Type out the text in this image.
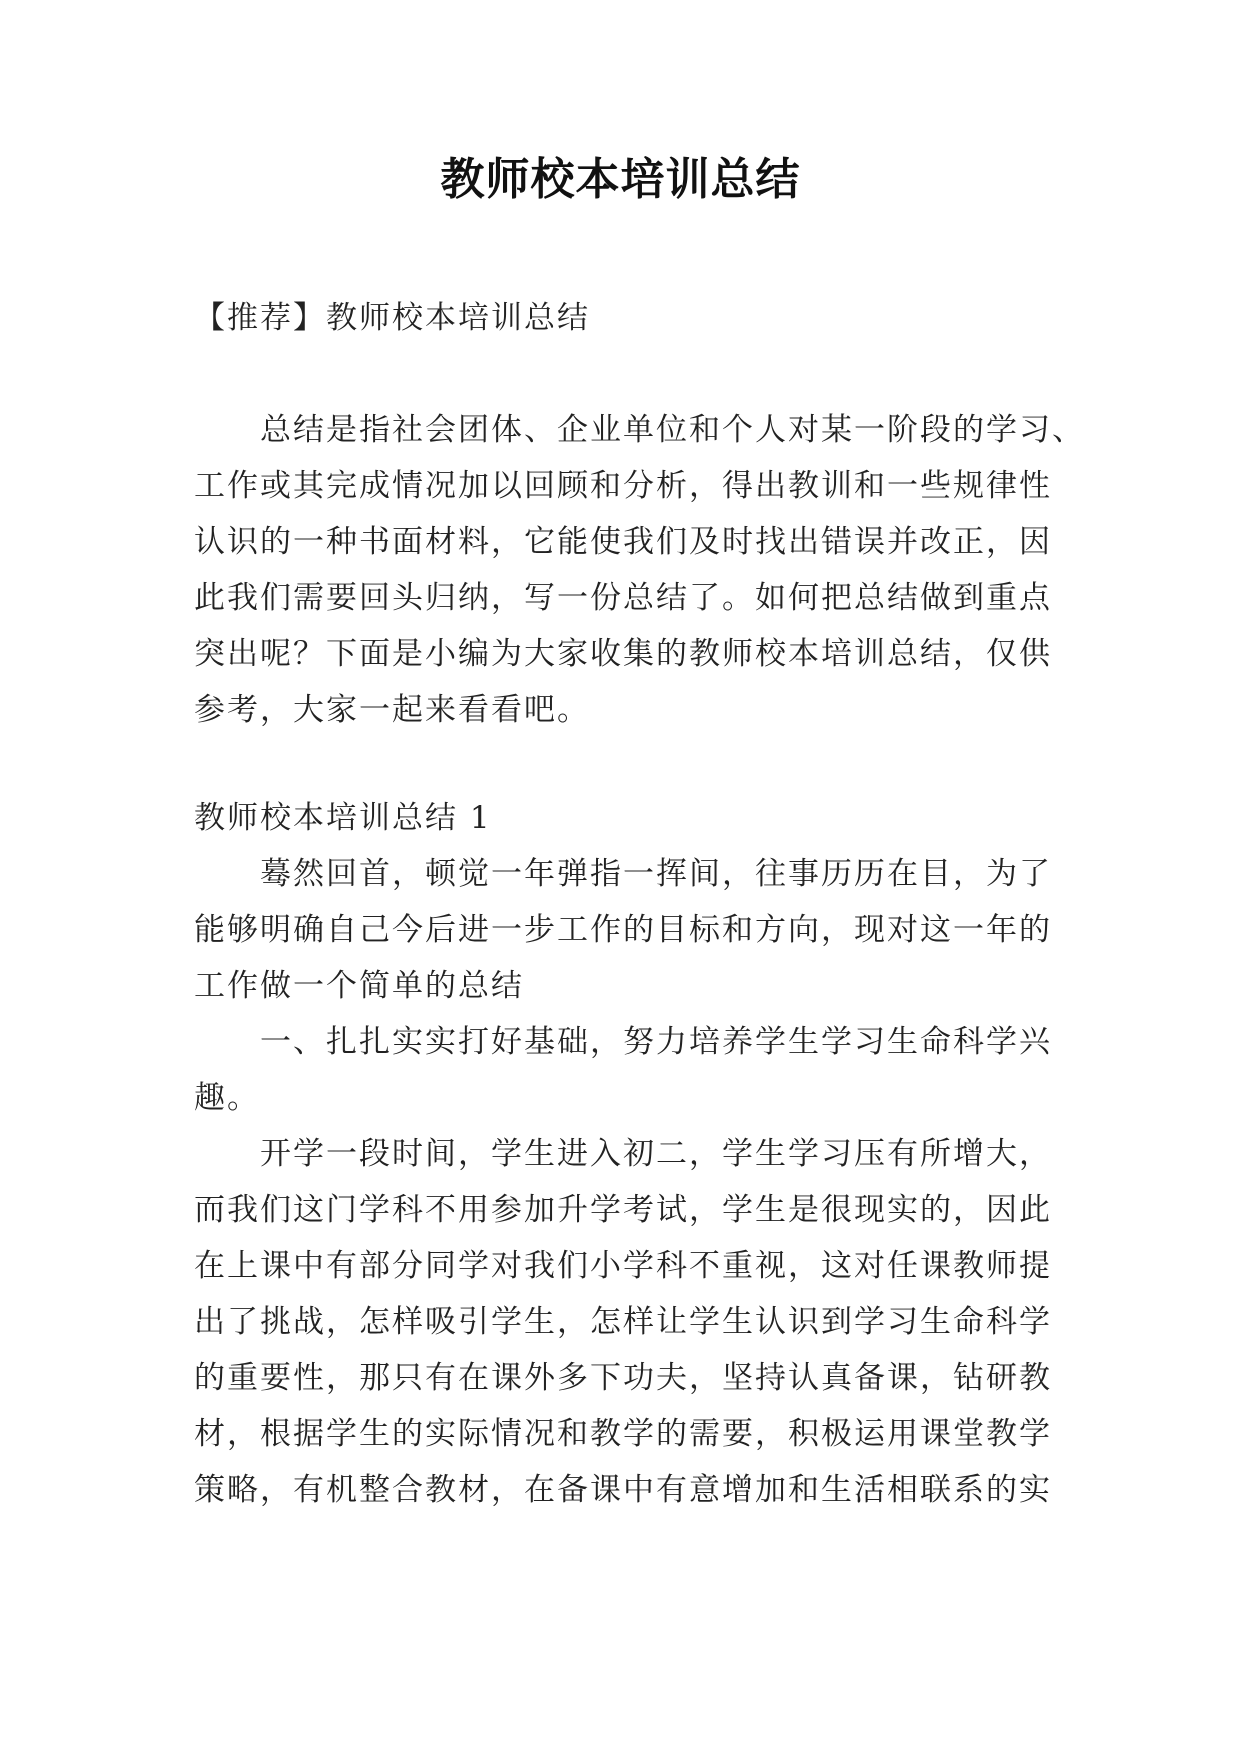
教师校本培训总结
【推荐】教师校本培训总结
总结是指社会团体、企业单位和个人对某一阶段的学习、
工作或其完成情况加以回顾和分析，得出教训和一些规律性
认识的一种书面材料，它能使我们及时找出错误并改正，因
此我们需要回头归纳，写一份总结了。如何把总结做到重点
突出呢？下面是小编为大家收集的教师校本培训总结，仅供
参考，大家一起来看看吧。
教师校本培训总结 1
蓦然回首，顿觉一年弹指一挥间，往事历历在目，为了
能够明确自己今后进一步工作的目标和方向，现对这一年的
工作做一个简单的总结
一、扎扎实实打好基础，努力培养学生学习生命科学兴
趣。
开学一段时间，学生进入初二，学生学习压有所增大，
而我们这门学科不用参加升学考试，学生是很现实的，因此
在上课中有部分同学对我们小学科不重视，这对任课教师提
出了挑战，怎样吸引学生，怎样让学生认识到学习生命科学
的重要性，那只有在课外多下功夫，坚持认真备课，钻研教
材，根据学生的实际情况和教学的需要，积极运用课堂教学
策略，有机整合教材，在备课中有意增加和生活相联系的实
